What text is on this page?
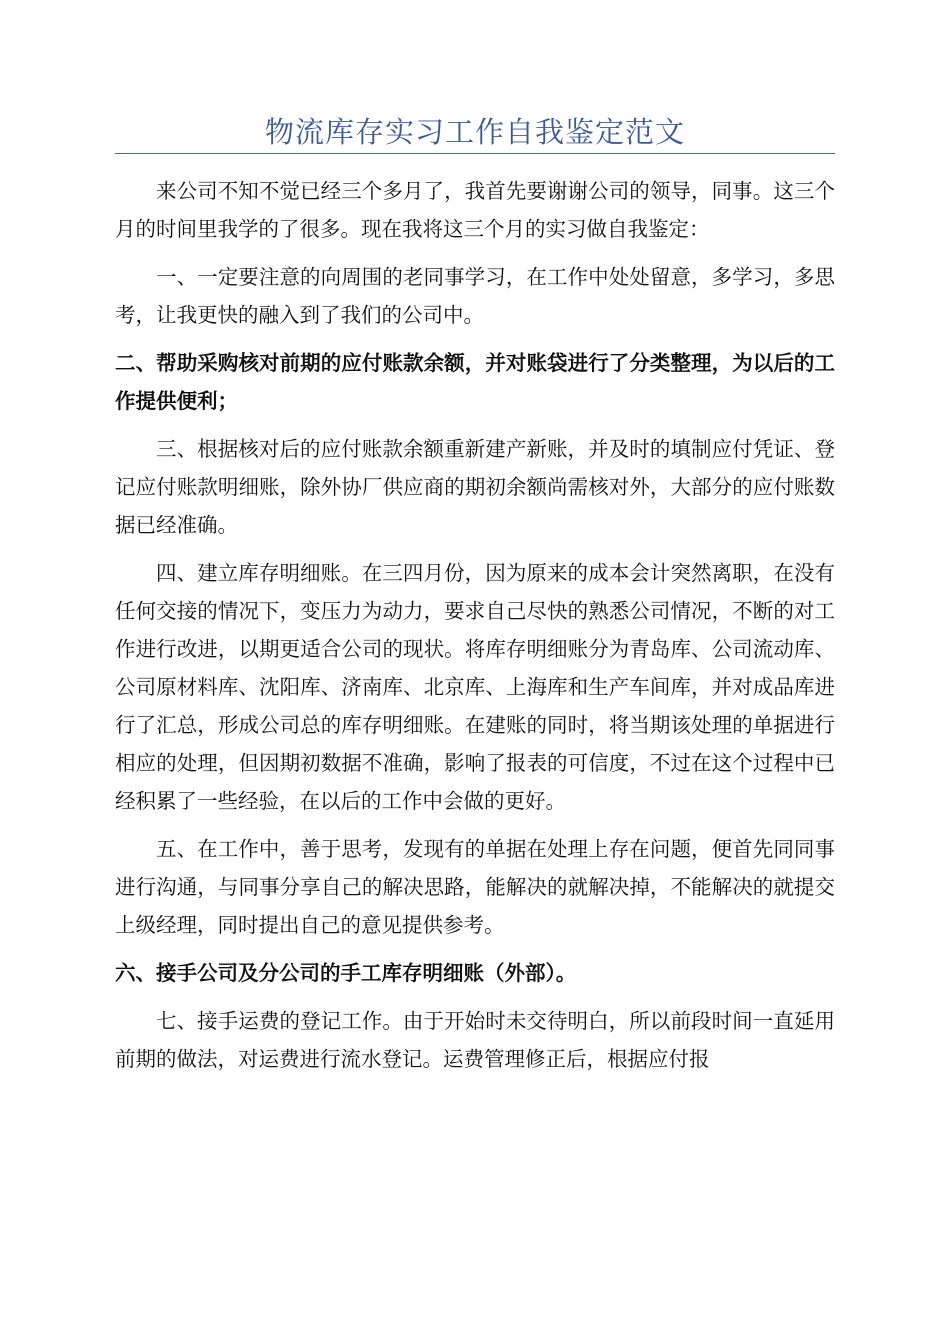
物流库存实习工作自我鉴定范文

来公司不知不觉已经三个多月了，我首先要谢谢公司的领导，同事。这三个月的时间里我学的了很多。现在我将这三个月的实习做自我鉴定：

一、一定要注意的向周围的老同事学习，在工作中处处留意，多学习，多思考，让我更快的融入到了我们的公司中。

二、帮助采购核对前期的应付账款余额，并对账袋进行了分类整理，为以后的工作提供便利；

三、根据核对后的应付账款余额重新建产新账，并及时的填制应付凭证、登记应付账款明细账，除外协厂供应商的期初余额尚需核对外，大部分的应付账数据已经准确。

四、建立库存明细账。在三四月份，因为原来的成本会计突然离职，在没有任何交接的情况下，变压力为动力，要求自己尽快的熟悉公司情况，不断的对工作进行改进，以期更适合公司的现状。将库存明细账分为青岛库、公司流动库、公司原材料库、沈阳库、济南库、北京库、上海库和生产车间库，并对成品库进行了汇总，形成公司总的库存明细账。在建账的同时，将当期该处理的单据进行相应的处理，但因期初数据不准确，影响了报表的可信度，不过在这个过程中已经积累了一些经验，在以后的工作中会做的更好。

五、在工作中，善于思考，发现有的单据在处理上存在问题，便首先同同事进行沟通，与同事分享自己的解决思路，能解决的就解决掉，不能解决的就提交上级经理，同时提出自己的意见提供参考。

六、接手公司及分公司的手工库存明细账（外部）。

七、接手运费的登记工作。由于开始时未交待明白，所以前段时间一直延用前期的做法，对运费进行流水登记。运费管理修正后，根据应付报
